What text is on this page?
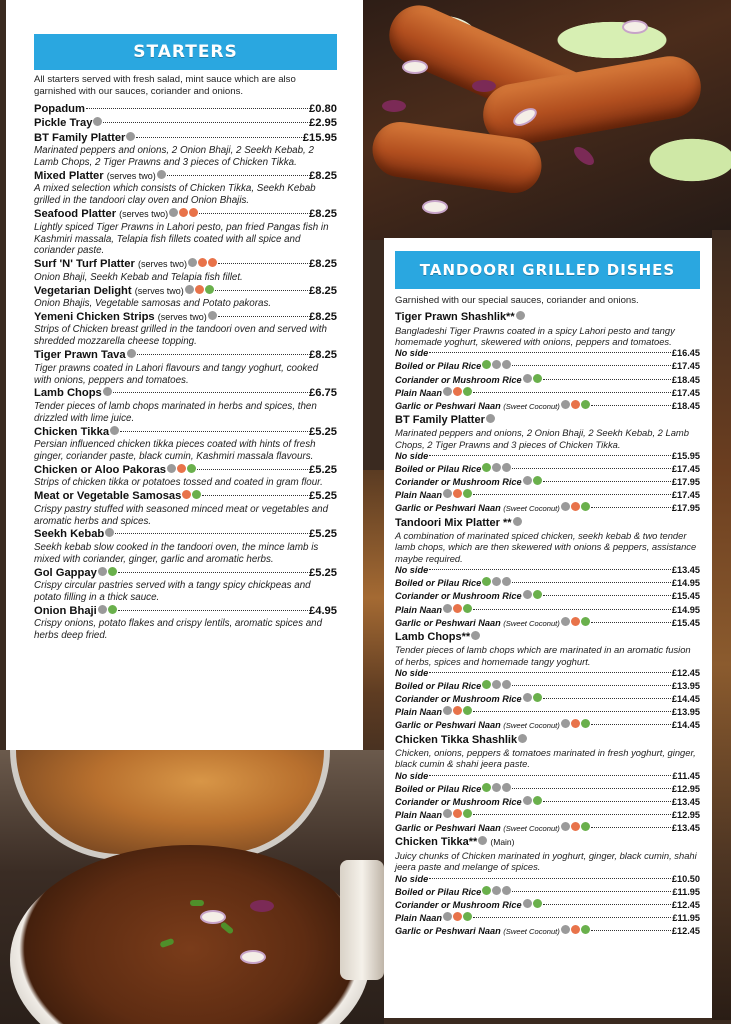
STARTERS

All starters served with fresh salad, mint sauce which are also garnished with our sauces, coriander and onions.

Popadum	£0.80
Pickle Tray	£2.95
BT Family Platter	£15.95
Marinated peppers and onions, 2 Onion Bhaji, 2 Seekh Kebab, 2 Lamb Chops, 2 Tiger Prawns and 3 pieces of Chicken Tikka.
Mixed Platter (serves two)	£8.25
A mixed selection which consists of Chicken Tikka, Seekh Kebab grilled in the tandoori clay oven and Onion Bhajis.
Seafood Platter (serves two)	£8.25
Lightly spiced Tiger Prawns in Lahori pesto, pan fried Pangas fish in Kashmiri massala, Telapia fish fillets coated with all spice and coriander paste.
Surf 'N' Turf Platter (serves two)	£8.25
Onion Bhaji, Seekh Kebab and Telapia fish fillet.
Vegetarian Delight (serves two)	£8.25
Onion Bhajis, Vegetable samosas and Potato pakoras.
Yemeni Chicken Strips (serves two)	£8.25
Strips of Chicken breast grilled in the tandoori oven and served with shredded mozzarella cheese topping.
Tiger Prawn Tava	£8.25
Tiger prawns coated in Lahori flavours and tangy yoghurt, cooked with onions, peppers and tomatoes.
Lamb Chops	£6.75
Tender pieces of lamb chops marinated in herbs and spices, then drizzled with lime juice.
Chicken Tikka	£5.25
Persian influenced chicken tikka pieces coated with hints of fresh ginger, coriander paste, black cumin, Kashmiri massala flavours.
Chicken or Aloo Pakoras	£5.25
Strips of chicken tikka or potatoes tossed and coated in gram flour.
Meat or Vegetable Samosas	£5.25
Crispy pastry stuffed with seasoned minced meat or vegetables and aromatic herbs and spices.
Seekh Kebab	£5.25
Seekh kebab slow cooked in the tandoori oven, the mince lamb is mixed with coriander, ginger, garlic and aromatic herbs.
Gol Gappay	£5.25
Crispy circular pastries served with a tangy spicy chickpeas and potato filling in a thick sauce.
Onion Bhaji	£4.95
Crispy onions, potato flakes and crispy lentils, aromatic spices and herbs deep fried.
TANDOORI GRILLED DISHES

Garnished with our special sauces, coriander and onions.

Tiger Prawn Shashlik**
Bangladeshi Tiger Prawns coated in a spicy Lahori pesto and tangy homemade yoghurt, skewered with onions, peppers and tomatoes.
No side	£16.45
Boiled or Pilau Rice	£17.45
Coriander or Mushroom Rice	£18.45
Plain Naan	£17.45
Garlic or Peshwari Naan (Sweet Coconut)	£18.45
BT Family Platter
Marinated peppers and onions, 2 Onion Bhaji, 2 Seekh Kebab, 2 Lamb Chops, 2 Tiger Prawns and 3 pieces of Chicken Tikka.
No side	£15.95
Boiled or Pilau Rice	£17.45
Coriander or Mushroom Rice	£17.95
Plain Naan	£17.45
Garlic or Peshwari Naan (Sweet Coconut)	£17.95
Tandoori Mix Platter **
A combination of marinated spiced chicken, seekh kebab & two tender lamb chops, which are then skewered with onions & peppers, assistance maybe required.
No side	£13.45
Boiled or Pilau Rice	£14.95
Coriander or Mushroom Rice	£15.45
Plain Naan	£14.95
Garlic or Peshwari Naan (Sweet Coconut)	£15.45
Lamb Chops**
Tender pieces of lamb chops which are marinated in an aromatic fusion of herbs, spices and homemade tangy yoghurt.
No side	£12.45
Boiled or Pilau Rice	£13.95
Coriander or Mushroom Rice	£14.45
Plain Naan	£13.95
Garlic or Peshwari Naan (Sweet Coconut)	£14.45
Chicken Tikka Shashlik
Chicken, onions, peppers & tomatoes marinated in fresh yoghurt, ginger, black cumin & shahi jeera paste.
No side	£11.45
Boiled or Pilau Rice	£12.95
Coriander or Mushroom Rice	£13.45
Plain Naan	£12.95
Garlic or Peshwari Naan (Sweet Coconut)	£13.45
Chicken Tikka** (Main)
Juicy chunks of Chicken marinated in yoghurt, ginger, black cumin, shahi jeera paste and melange of spices.
No side	£10.50
Boiled or Pilau Rice	£11.95
Coriander or Mushroom Rice	£12.45
Plain Naan	£11.95
Garlic or Peshwari Naan (Sweet Coconut)	£12.45
